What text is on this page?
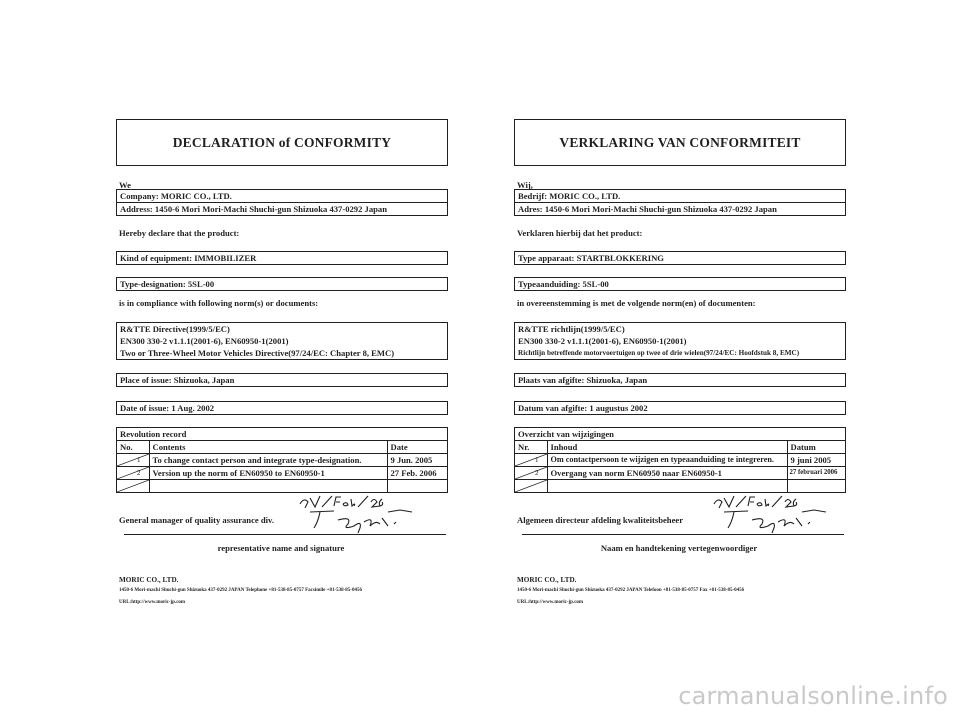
DECLARATION of CONFORMITY
We
Company: MORIC CO., LTD.
Address: 1450-6 Mori Mori-Machi Shuchi-gun Shizuoka 437-0292 Japan
Hereby declare that the product:
Kind of equipment: IMMOBILIZER
Type-designation: 5SL-00
is in compliance with following norm(s) or documents:
R&TTE Directive(1999/5/EC)
EN300 330-2 v1.1.1(2001-6), EN60950-1(2001)
Two or Three-Wheel Motor Vehicles Directive(97/24/EC: Chapter 8, EMC)
Place of issue: Shizuoka, Japan
Date of issue: 1 Aug. 2002
Revolution record
No.	Contents	Date

1	To change contact person and integrate type-designation.	9 Jun. 2005

2	Version up the norm of EN60950 to EN60950-1	27 Feb. 2006

General manager of quality assurance div.
representative name and signature
MORIC CO., LTD.
1450-6 Mori-machi Shuchi-gun Shizuoka 437-0292 JAPAN Telephone +81-538-85-0757 Facsimile +81-538-85-0456
URL:http://www.moric-jp.com
VERKLARING VAN CONFORMITEIT
Wij,
Bedrijf: MORIC CO., LTD.
Adres: 1450-6 Mori Mori-Machi Shuchi-gun Shizuoka 437-0292 Japan
Verklaren hierbij dat het product:
Type apparaat: STARTBLOKKERING
Typeaanduiding: 5SL-00
in overeenstemming is met de volgende norm(en) of documenten:
R&TTE richtlijn(1999/5/EC)
EN300 330-2 v1.1.1(2001-6), EN60950-1(2001)
Richtlijn betreffende motorvoertuigen op twee of drie wielen(97/24/EC: Hoofdstuk 8, EMC)
Plaats van afgifte: Shizuoka, Japan
Datum van afgifte: 1 augustus 2002
Overzicht van wijzigingen
Nr.	Inhoud	Datum

1	Om contactpersoon te wijzigen en typeaanduiding te integreren.	9 juni 2005

2	Overgang van norm EN60950 naar EN60950-1	27 februari 2006

Algemeen directeur afdeling kwaliteitsbeheer
Naam en handtekening vertegenwoordiger
MORIC CO., LTD.
1450-6 Mori-machi Shuchi-gun Shizuoka 437-0292 JAPAN Telefoon +81-538-85-0757 Fax +81-538-85-0456
URL:http://www.moric-jp.com
carmanualsonline.info
